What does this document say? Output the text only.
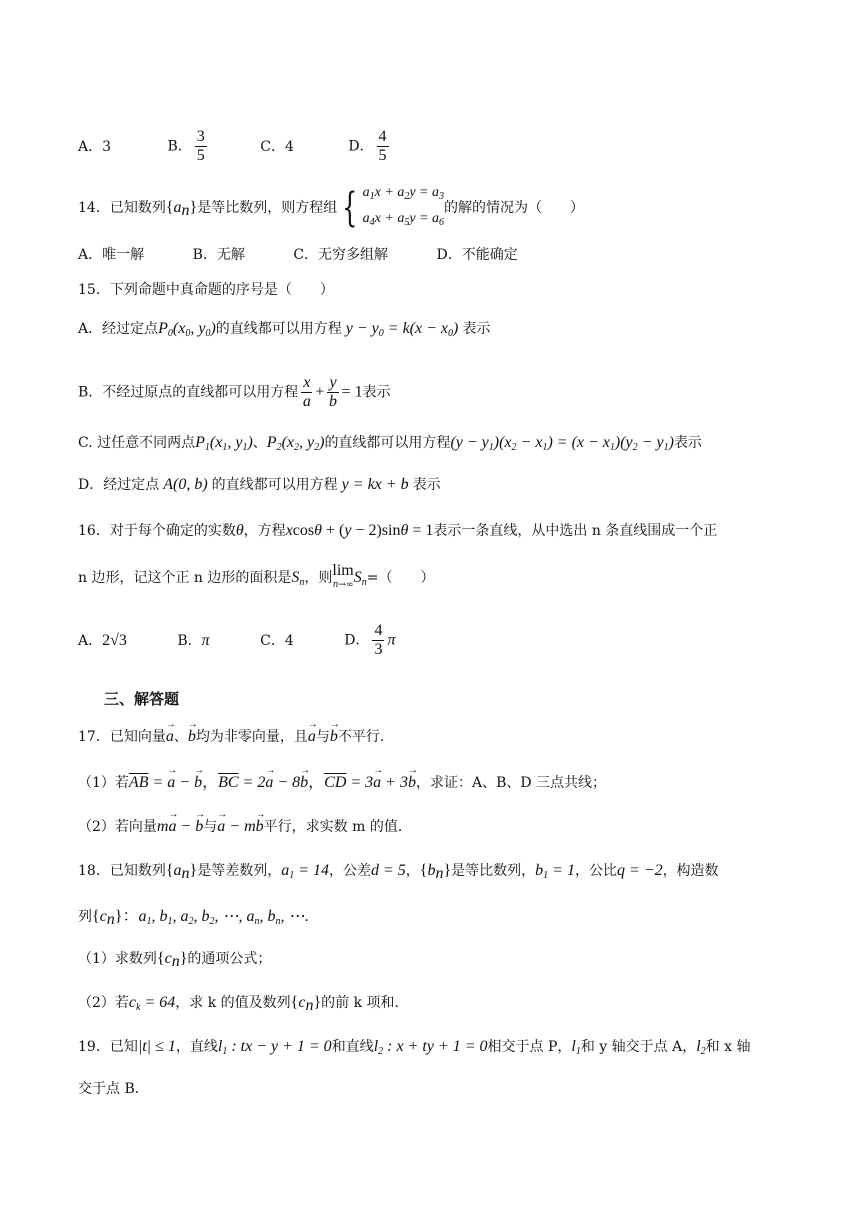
A．3	B． $\frac{3}{5}$	C．4	D． $\frac{4}{5}$
14．已知数列$\{a_n\}$是等比数列，则方程组 { $a_1x + a_2y = a_3$
$a_4x + a_5y = a_6$
的解的情况为（　　）
A．唯一解	B．无解	C．无穷多组解	D．不能确定
15．下列命题中真命题的序号是（　　）
A．经过定点$P_0(x_0$, $y_0$)的直线都可以用方程 $y - y_0 = k(x - x_0)$ 表示
B．不经过原点的直线都可以用方程 $\frac{x}{a} + \frac{y}{b} = 1$表示
C. 过任意不同两点$P_1(x_1$, $y_1$)、$P_2(x_2$, $y_2$)的直线都可以用方程$(y - y_1)(x_2 - x_1) = (x - x_1)(y_2 - y_1)$表示
D．经过定点 A(0, b) 的直线都可以用方程 y = kx + b 表示
16．对于每个确定的实数θ，方程xcosθ + (y − 2)sinθ = 1表示一条直线，从中选出 n 条直线围成一个正
n 边形，记这个正 n 边形的面积是$S_n$，则lim
n→∞ $S_n=$（　　）
A．2√3	B．π	C．4	D． $\frac{4}{3}$ π
三、解答题
17．已知向量a →、b →均为非零向量，且a →与b →不平行．
（1）若$\overline{AB} = a$ → − b →，$\overline{BC} = 2a$ → − 8b →，$\overline{CD} = 3a$ → + 3b →，求证：A、B、D 三点共线；
（2）若向量ma → − b →与a → − mb →平行，求实数 m 的值．
18．已知数列$\{a_n\}$是等差数列，$a_1 = 14$，公差d = 5，$\{b_n\}$是等比数列，$b_1 = 1$，公比q = −2，构造数
列$\{c_n\}$：$a_1$, $b_1$, $a_2$, $b_2$, ⋯, $a_n$, $b_n$, ⋯．
（1）求数列$\{c_n\}$的通项公式；
（2）若$c_k = 64$，求 k 的值及数列$\{c_n\}$的前 k 项和．
19．已知|t| ≤ 1，直线$l_1$ : tx − y + 1 = 0和直线$l_2$ : x + ty + 1 = 0相交于点 P，$l_1$和 y 轴交于点 A，$l_2$和 x 轴
交于点 B．
